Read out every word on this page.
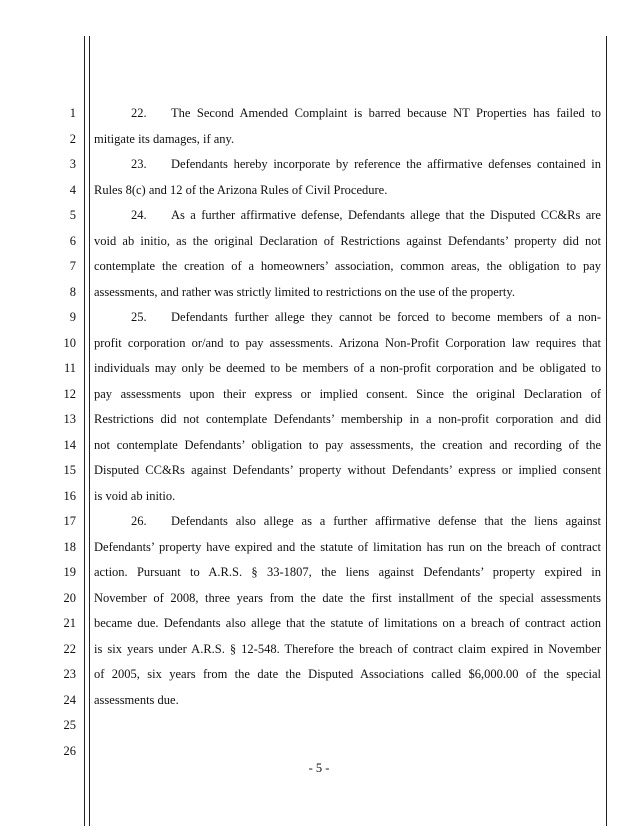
1
2
3
4
5
6
7
8
9
10
11
12
13
14
15
16
17
18
19
20
21
22
23
24
25
26
22. The Second Amended Complaint is barred because NT Properties has failed to
mitigate its damages, if any.
23. Defendants hereby incorporate by reference the affirmative defenses contained in
Rules 8(c) and 12 of the Arizona Rules of Civil Procedure.
24. As a further affirmative defense, Defendants allege that the Disputed CC&Rs are
void ab initio, as the original Declaration of Restrictions against Defendants’ property did not
contemplate the creation of a homeowners’ association, common areas, the obligation to pay
assessments, and rather was strictly limited to restrictions on the use of the property.
25. Defendants further allege they cannot be forced to become members of a non-
profit corporation or/and to pay assessments. Arizona Non-Profit Corporation law requires that
individuals may only be deemed to be members of a non-profit corporation and be obligated to
pay assessments upon their express or implied consent. Since the original Declaration of
Restrictions did not contemplate Defendants’ membership in a non-profit corporation and did
not contemplate Defendants’ obligation to pay assessments, the creation and recording of the
Disputed CC&Rs against Defendants’ property without Defendants’ express or implied consent
is void ab initio.
26. Defendants also allege as a further affirmative defense that the liens against
Defendants’ property have expired and the statute of limitation has run on the breach of contract
action. Pursuant to A.R.S. § 33-1807, the liens against Defendants’ property expired in
November of 2008, three years from the date the first installment of the special assessments
became due. Defendants also allege that the statute of limitations on a breach of contract action
is six years under A.R.S. § 12-548. Therefore the breach of contract claim expired in November
of 2005, six years from the date the Disputed Associations called $6,000.00 of the special
assessments due.
- 5 -
